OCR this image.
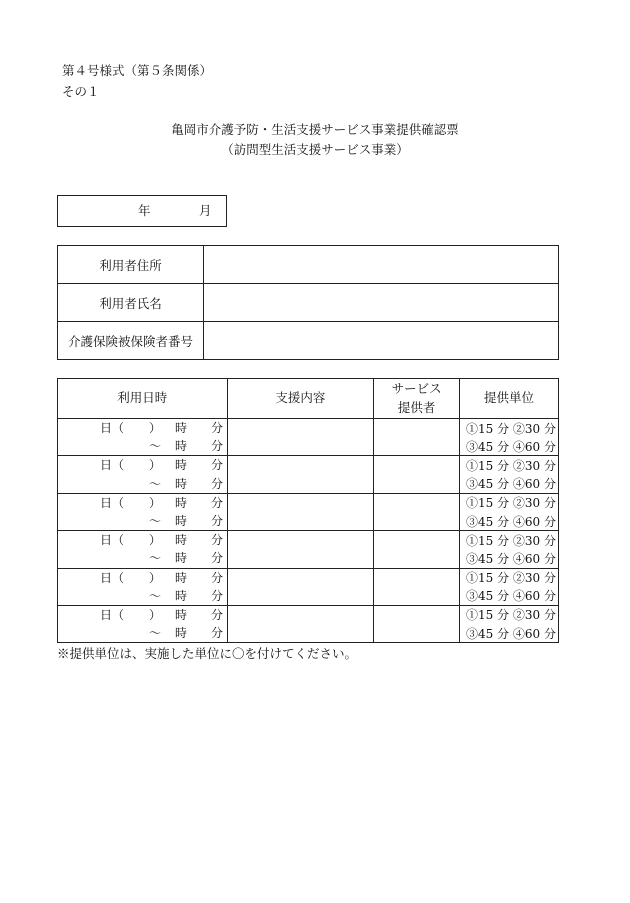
第４号様式（第５条関係）
その１
亀岡市介護予防・生活支援サービス事業提供確認票
（訪問型生活支援サービス事業）
年	月
利用者住所	
利用者氏名	
介護保険被保険者番号	
利用日時	支援内容	サービス
提供者	提供単位

日（ ） 時 分			①15 分 ②30 分

～ 時 分			③45 分 ④60 分

日（ ） 時 分			①15 分 ②30 分

～ 時 分			③45 分 ④60 分

日（ ） 時 分			①15 分 ②30 分

～ 時 分			③45 分 ④60 分

日（ ） 時 分			①15 分 ②30 分

～ 時 分			③45 分 ④60 分

日（ ） 時 分			①15 分 ②30 分

～ 時 分			③45 分 ④60 分

日（ ） 時 分			①15 分 ②30 分

～ 時 分			③45 分 ④60 分
※提供単位は、実施した単位に〇を付けてください。
